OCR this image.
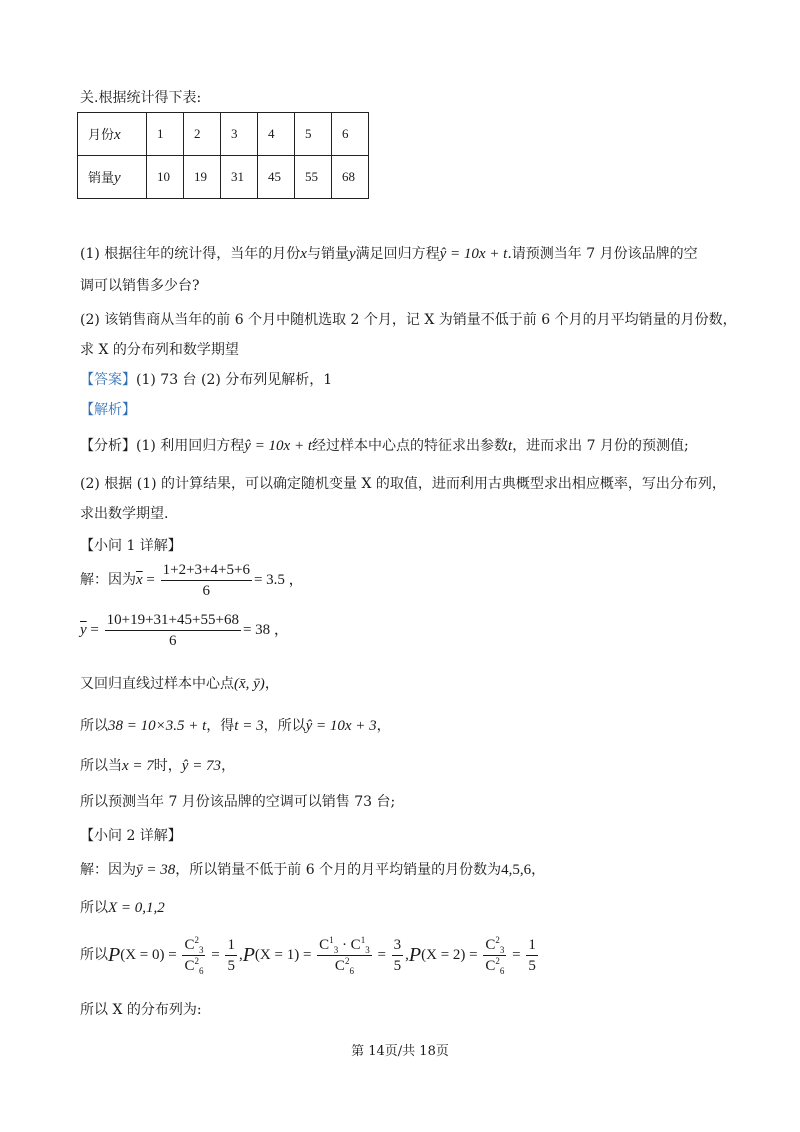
关.根据统计得下表:
月份x	1	2	3	4	5	6
销量y	10	19	31	45	55	68
(1) 根据往年的统计得，当年的月份x与销量y满足回归方程ŷ = 10x + t.请预测当年 7 月份该品牌的空
调可以销售多少台?
(2) 该销售商从当年的前 6 个月中随机选取 2 个月，记 X 为销量不低于前 6 个月的月平均销量的月份数，
求 X 的分布列和数学期望
【答案】(1) 73 台 (2) 分布列见解析，1
【解析】
【分析】(1) 利用回归方程ŷ = 10x + t经过样本中心点的特征求出参数t，进而求出 7 月份的预测值;
(2) 根据 (1) 的计算结果，可以确定随机变量 X 的取值，进而利用古典概型求出相应概率，写出分布列，
求出数学期望.
【小问 1 详解】
解：因为$\overline{x} = \frac{1+2+3+4+5+6}{6} = 3.5$ ，
$\overline{y} = \frac{10+19+31+45+55+68}{6} = 38$ ，
又回归直线过样本中心点(x̄, ȳ)，
所以38 = 10×3.5 + t，得t = 3，所以ŷ = 10x + 3，
所以当x = 7时，ŷ = 73，
所以预测当年 7 月份该品牌的空调可以销售 73 台;
【小问 2 详解】
解：因为ȳ = 38，所以销量不低于前 6 个月的月平均销量的月份数为4,5,6，
所以X = 0,1,2
所以$P(X = 0) = \frac{C^2_3}{C^2_6} = \frac{1}{5} ,P(X = 1) = \frac{C^1_3 \cdot C^1_3}{C^2_6} = \frac{3}{5} ,P(X = 2) = \frac{C^2_3}{C^2_6} = \frac{1}{5}$
所以 X 的分布列为:
第 14页/共 18页
